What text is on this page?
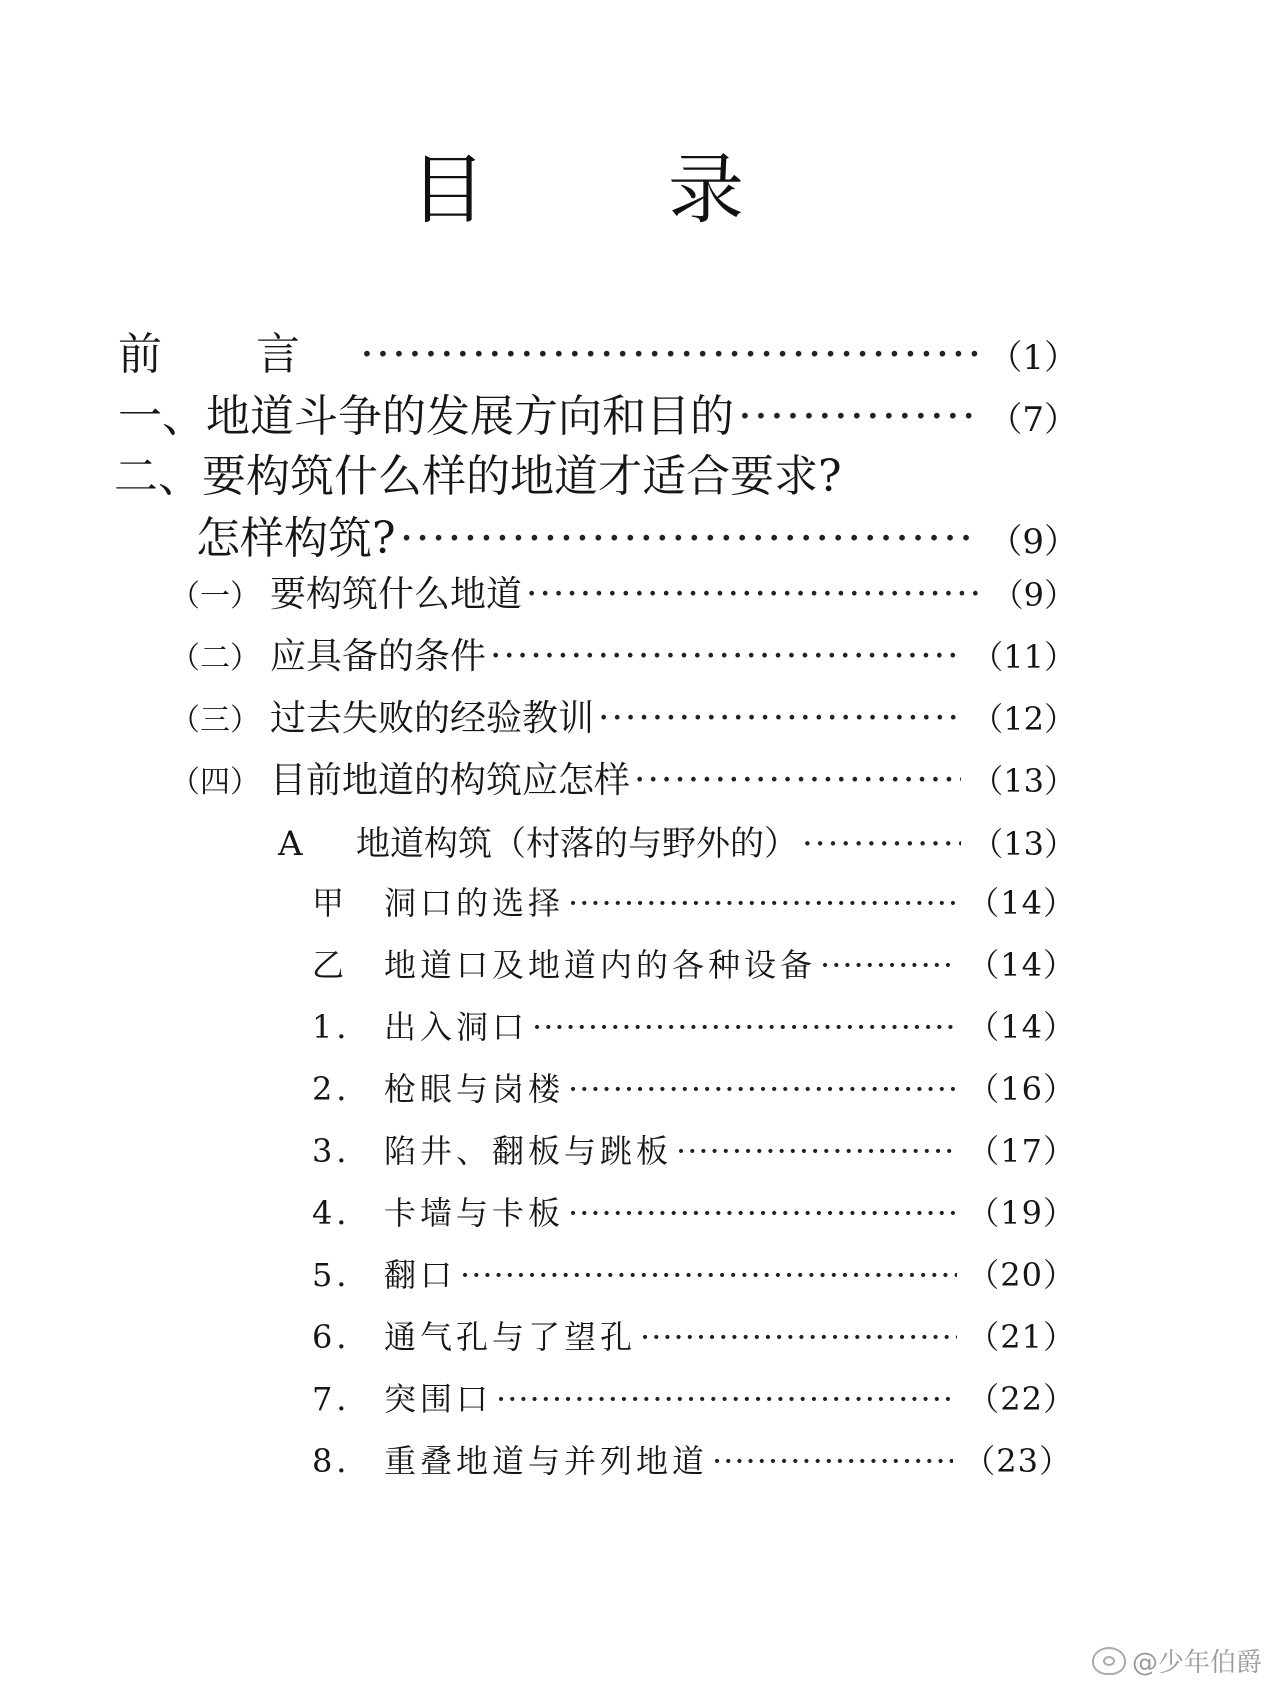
目 录
前 言 ·····	（1）
一、 地道斗争的发展方向和目的 ·····	（7）
二、 要构筑什么样的地道才适合要求?
怎样构筑? ·····	（9）
（一） 要构筑什么地道 ·····	（9）
（二） 应具备的条件 ·····	（11）
（三） 过去失败的经验教训 ·····	（12）
（四） 目前地道的构筑应怎样 ·····	（13）
A	地道构筑（村落的与野外的） ·····	（13）
甲	洞口的选择 ·····	（14）
乙	地道口及地道内的各种设备 ·····	（14）
1． 出入洞口 ·····	（14）
2． 枪眼与岗楼 ·····	（16）
3． 陷井、翻板与跳板 ·····	（17）
4． 卡墙与卡板 ·····	（19）
5． 翻口 ·····	（20）
6． 通气孔与了望孔 ·····	（21）
7． 突围口 ·····	（22）
8． 重叠地道与并列地道 ·····	（23）
@少年伯爵
